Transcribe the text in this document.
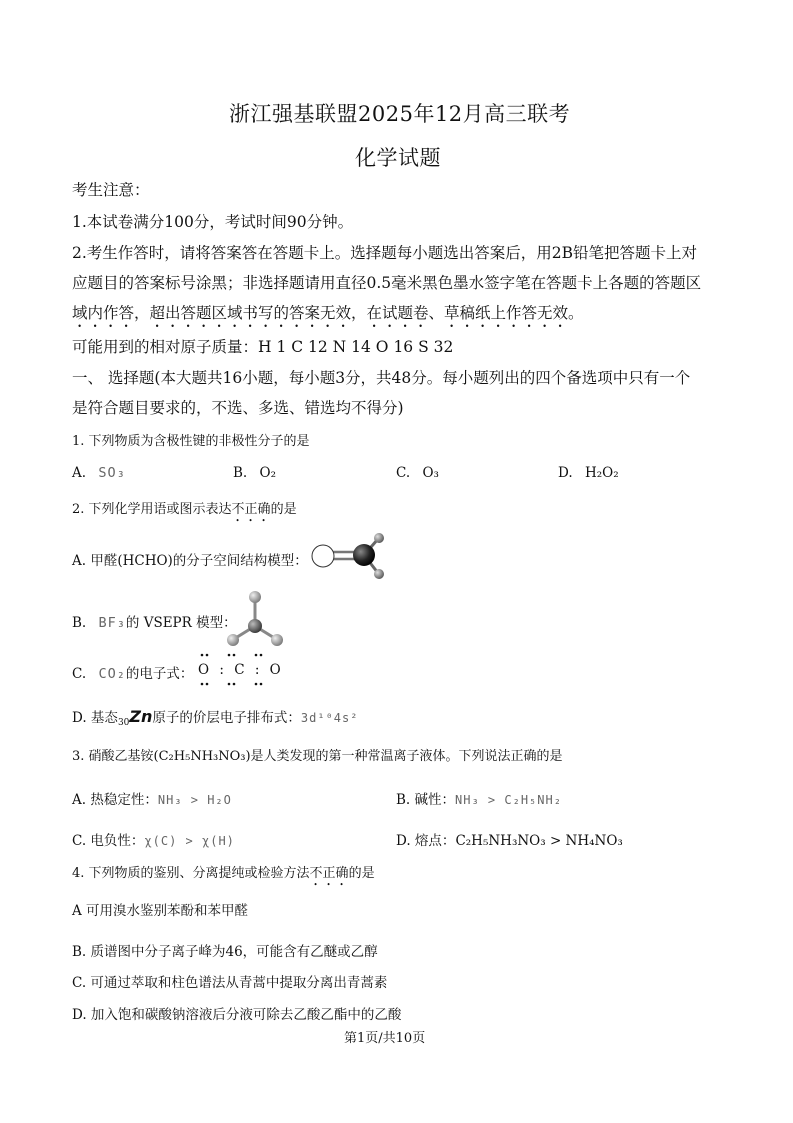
浙江强基联盟2025年12月高三联考
化学试题
考生注意：
1.本试卷满分100分，考试时间90分钟。
2.考生作答时，请将答案答在答题卡上。选择题每小题选出答案后，用2B铅笔把答题卡上对
应题目的答案标号涂黑；非选择题请用直径0.5毫米黑色墨水签字笔在答题卡上各题的答题区
域内作答，超出答题区域书写的答案无效，在试题卷、草稿纸上作答无效。
可能用到的相对原子质量：H 1 C 12 N 14 O 16 S 32
一、 选择题(本大题共16小题，每小题3分，共48分。每小题列出的四个备选项中只有一个
是符合题目要求的，不选、多选、错选均不得分)
1. 下列物质为含极性键的非极性分子的是
A. SO₃	B. O₂	C. O₃	D. H₂O₂
2. 下列化学用语或图示表达不正确的是
A. 甲醛(HCHO)的分子空间结构模型：
B. BF₃的 VSEPR 模型：
C. CO₂的电子式： O : C : O
D. 基态$_{30}$Zn原子的价层电子排布式：3d¹⁰4s²
3. 硝酸乙基铵(C₂H₅NH₃NO₃)是人类发现的第一种常温离子液体。下列说法正确的是
A. 热稳定性：NH₃ > H₂O	B. 碱性：NH₃ > C₂H₅NH₂
C. 电负性：χ(C) > χ(H)	D. 熔点：C₂H₅NH₃NO₃ > NH₄NO₃
4. 下列物质的鉴别、分离提纯或检验方法不正确的是
A 可用溴水鉴别苯酚和苯甲醛
B. 质谱图中分子离子峰为46，可能含有乙醚或乙醇
C. 可通过萃取和柱色谱法从青蒿中提取分离出青蒿素
D. 加入饱和碳酸钠溶液后分液可除去乙酸乙酯中的乙酸
第1页/共10页
